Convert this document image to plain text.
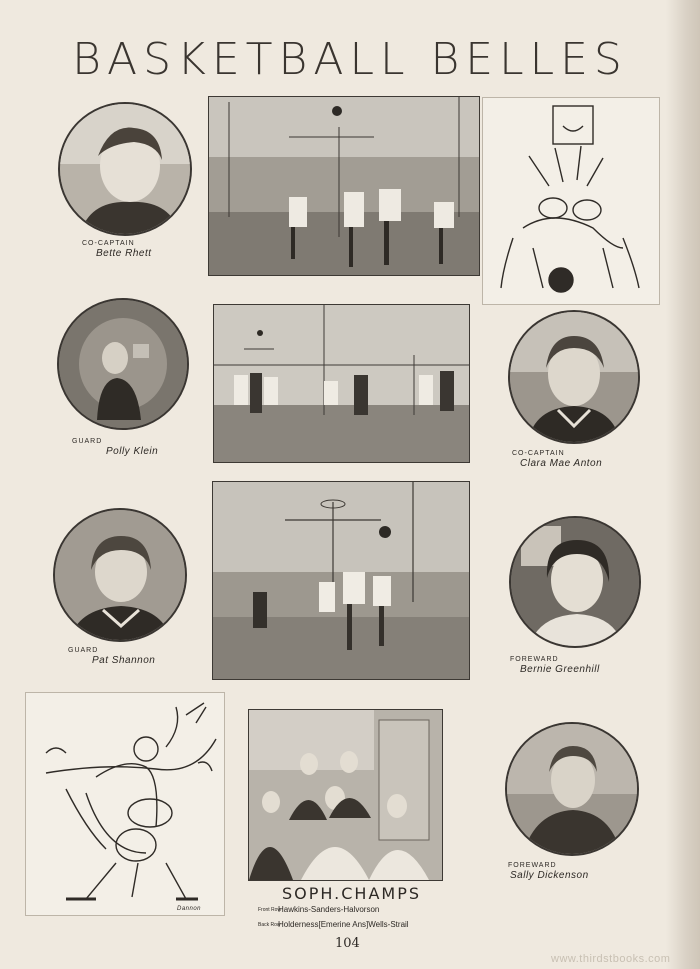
BASKETBALL BELLES
CO-CAPTAIN
Bette Rhett
GUARD
Polly Klein	CO-CAPTAIN
Clara Mae Anton
GUARD
Pat Shannon	FOREWARD
Bernie Greenhill
Dannon
SOPH.CHAMPS
Front RowHawkins-Sanders-Halvorson
Back RowHolderness[Emerine Ans]Wells-Strail
FOREWARD
Sally Dickenson
104
www.thirdstbooks.com
